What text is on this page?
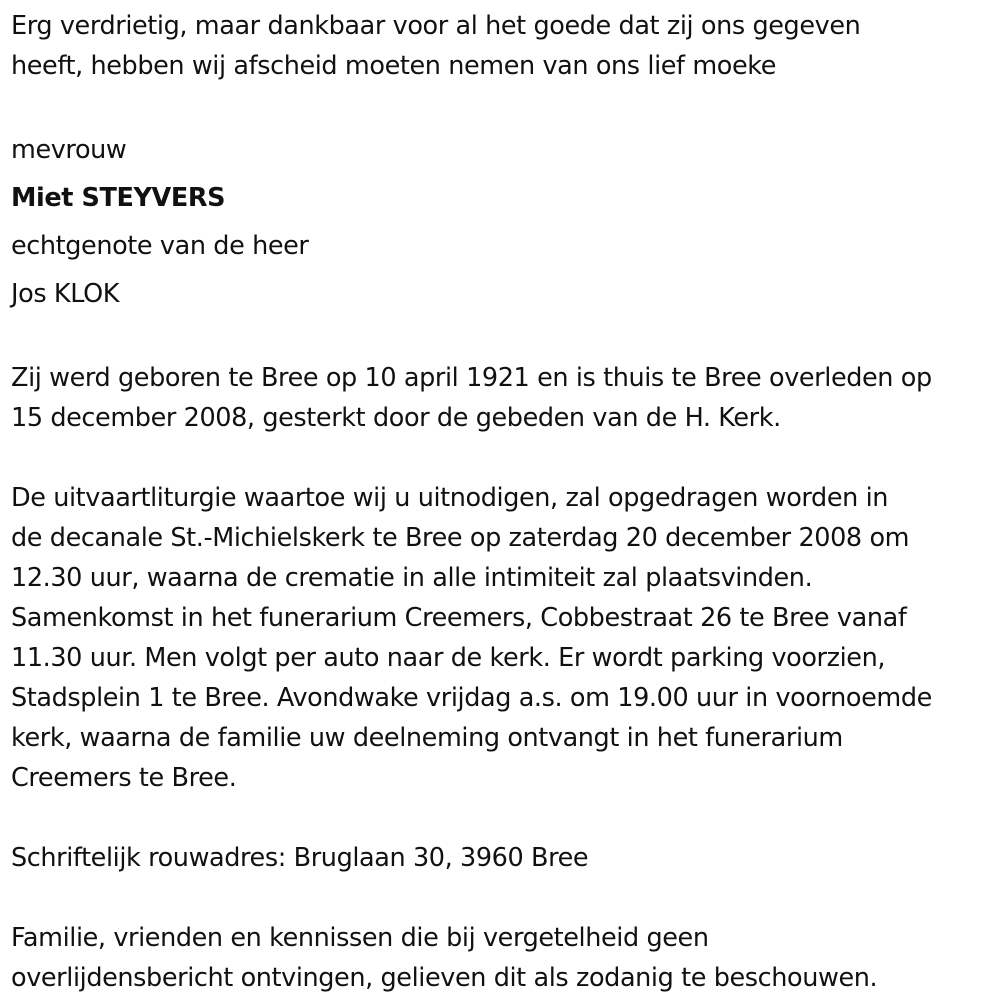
Erg verdrietig, maar dankbaar voor al het goede dat zij ons gegeven
heeft, hebben wij afscheid moeten nemen van ons lief moeke
mevrouw
Miet STEYVERS
echtgenote van de heer
Jos KLOK
Zij werd geboren te Bree op 10 april 1921 en is thuis te Bree overleden op
15 december 2008, gesterkt door de gebeden van de H. Kerk.
De uitvaartliturgie waartoe wij u uitnodigen, zal opgedragen worden in
de decanale St.-Michielskerk te Bree op zaterdag 20 december 2008 om
12.30 uur, waarna de crematie in alle intimiteit zal plaatsvinden.
Samenkomst in het funerarium Creemers, Cobbestraat 26 te Bree vanaf
11.30 uur. Men volgt per auto naar de kerk. Er wordt parking voorzien,
Stadsplein 1 te Bree. Avondwake vrijdag a.s. om 19.00 uur in voornoemde
kerk, waarna de familie uw deelneming ontvangt in het funerarium
Creemers te Bree.
Schriftelijk rouwadres: Bruglaan 30, 3960 Bree
Familie, vrienden en kennissen die bij vergetelheid geen
overlijdensbericht ontvingen, gelieven dit als zodanig te beschouwen.
